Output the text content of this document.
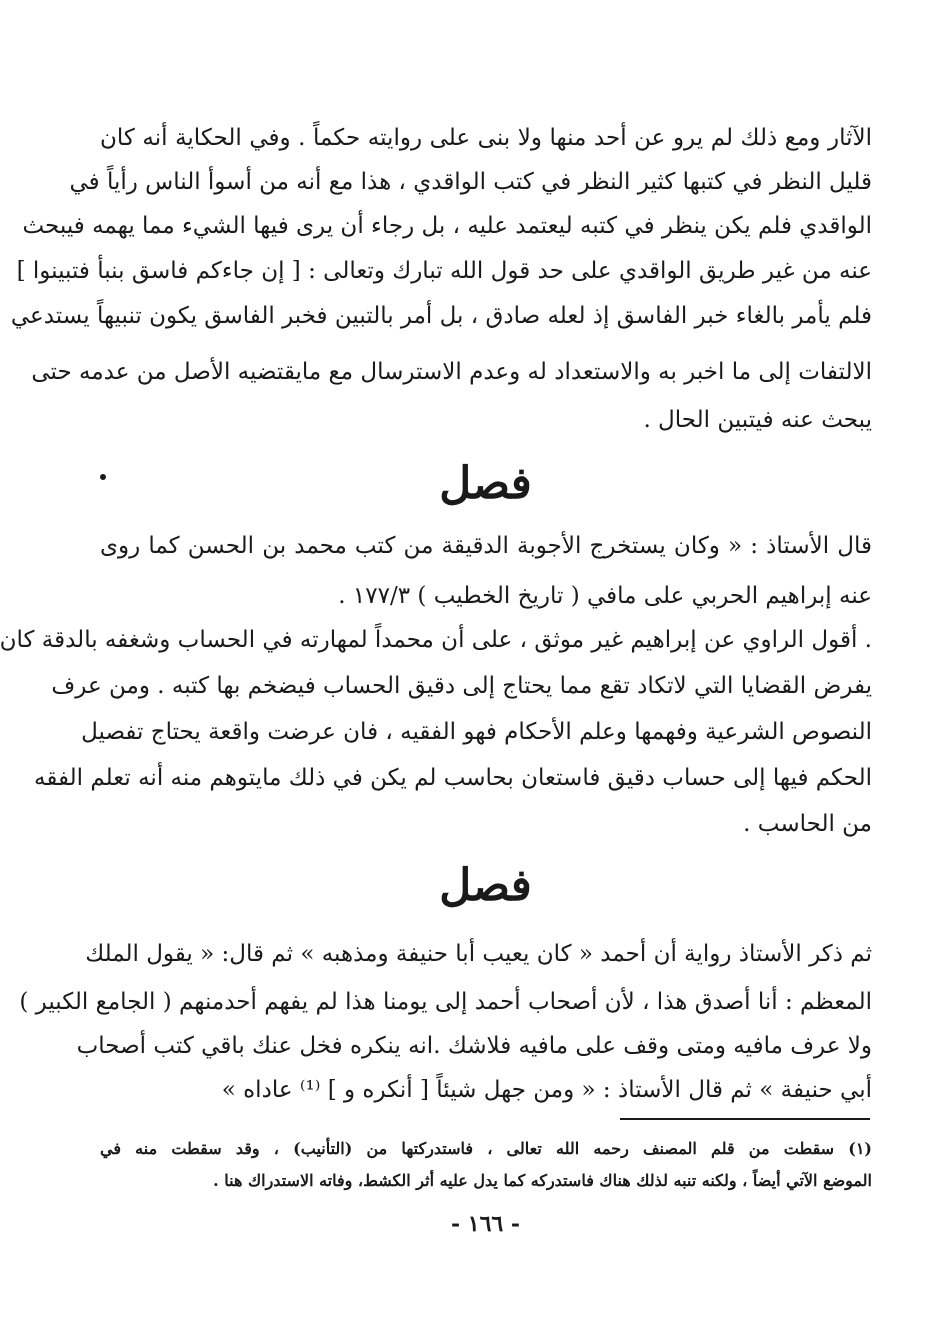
الآثار ومع ذلك لم يرو عن أحد منها ولا بنى على روايته حكماً . وفي الحكاية أنه كان
قليل النظر في كتبها كثير النظر في كتب الواقدي ، هذا مع أنه من أسوأ الناس رأياً في
الواقدي فلم يكن ينظر في كتبه ليعتمد عليه ، بل رجاء أن يرى فيها الشيء مما يهمه فيبحث
عنه من غير طريق الواقدي على حد قول الله تبارك وتعالى : [ إن جاءكم فاسق بنبأ فتبينوا ]
فلم يأمر بالغاء خبر الفاسق إذ لعله صادق ، بل أمر بالتبين فخبر الفاسق يكون تنبيهاً يستدعي
الالتفات إلى ما اخبر به والاستعداد له وعدم الاسترسال مع مايقتضيه الأصل من عدمه حتى
يبحث عنه فيتبين الحال .
فصل
قال الأستاذ : « وكان يستخرج الأجوبة الدقيقة من كتب محمد بن الحسن كما روى
عنه إبراهيم الحربي على مافي ( تاريخ الخطيب ) ١٧٧/٣ .
. أقول الراوي عن إبراهيم غير موثق ، على أن محمداً لمهارته في الحساب وشغفه بالدقة كان
يفرض القضايا التي لاتكاد تقع مما يحتاج إلى دقيق الحساب فيضخم بها كتبه . ومن عرف
النصوص الشرعية وفهمها وعلم الأحكام فهو الفقيه ، فان عرضت واقعة يحتاج تفصيل
الحكم فيها إلى حساب دقيق فاستعان بحاسب لم يكن في ذلك مايتوهم منه أنه تعلم الفقه
من الحاسب .
فصل
ثم ذكر الأستاذ رواية أن أحمد « كان يعيب أبا حنيفة ومذهبه » ثم قال: « يقول الملك
المعظم : أنا أصدق هذا ، لأن أصحاب أحمد إلى يومنا هذا لم يفهم أحدمنهم ( الجامع الكبير )
ولا عرف مافيه ومتى وقف على مافيه فلاشك .انه ينكره فخل عنك باقي كتب أصحاب
أبي حنيفة » ثم قال الأستاذ : « ومن جهل شيئاً [ أنكره و ] ⁽¹⁾ عاداه »
(١) سقطت من قلم المصنف رحمه الله تعالى ، فاستدركتها من (التأنيب) ، وقد سقطت منه في
الموضع الآتي أيضاً ، ولكنه تنبه لذلك هناك فاستدركه كما يدل عليه أثر الكشط، وفاته الاستدراك هنا .
- ١٦٦ -
